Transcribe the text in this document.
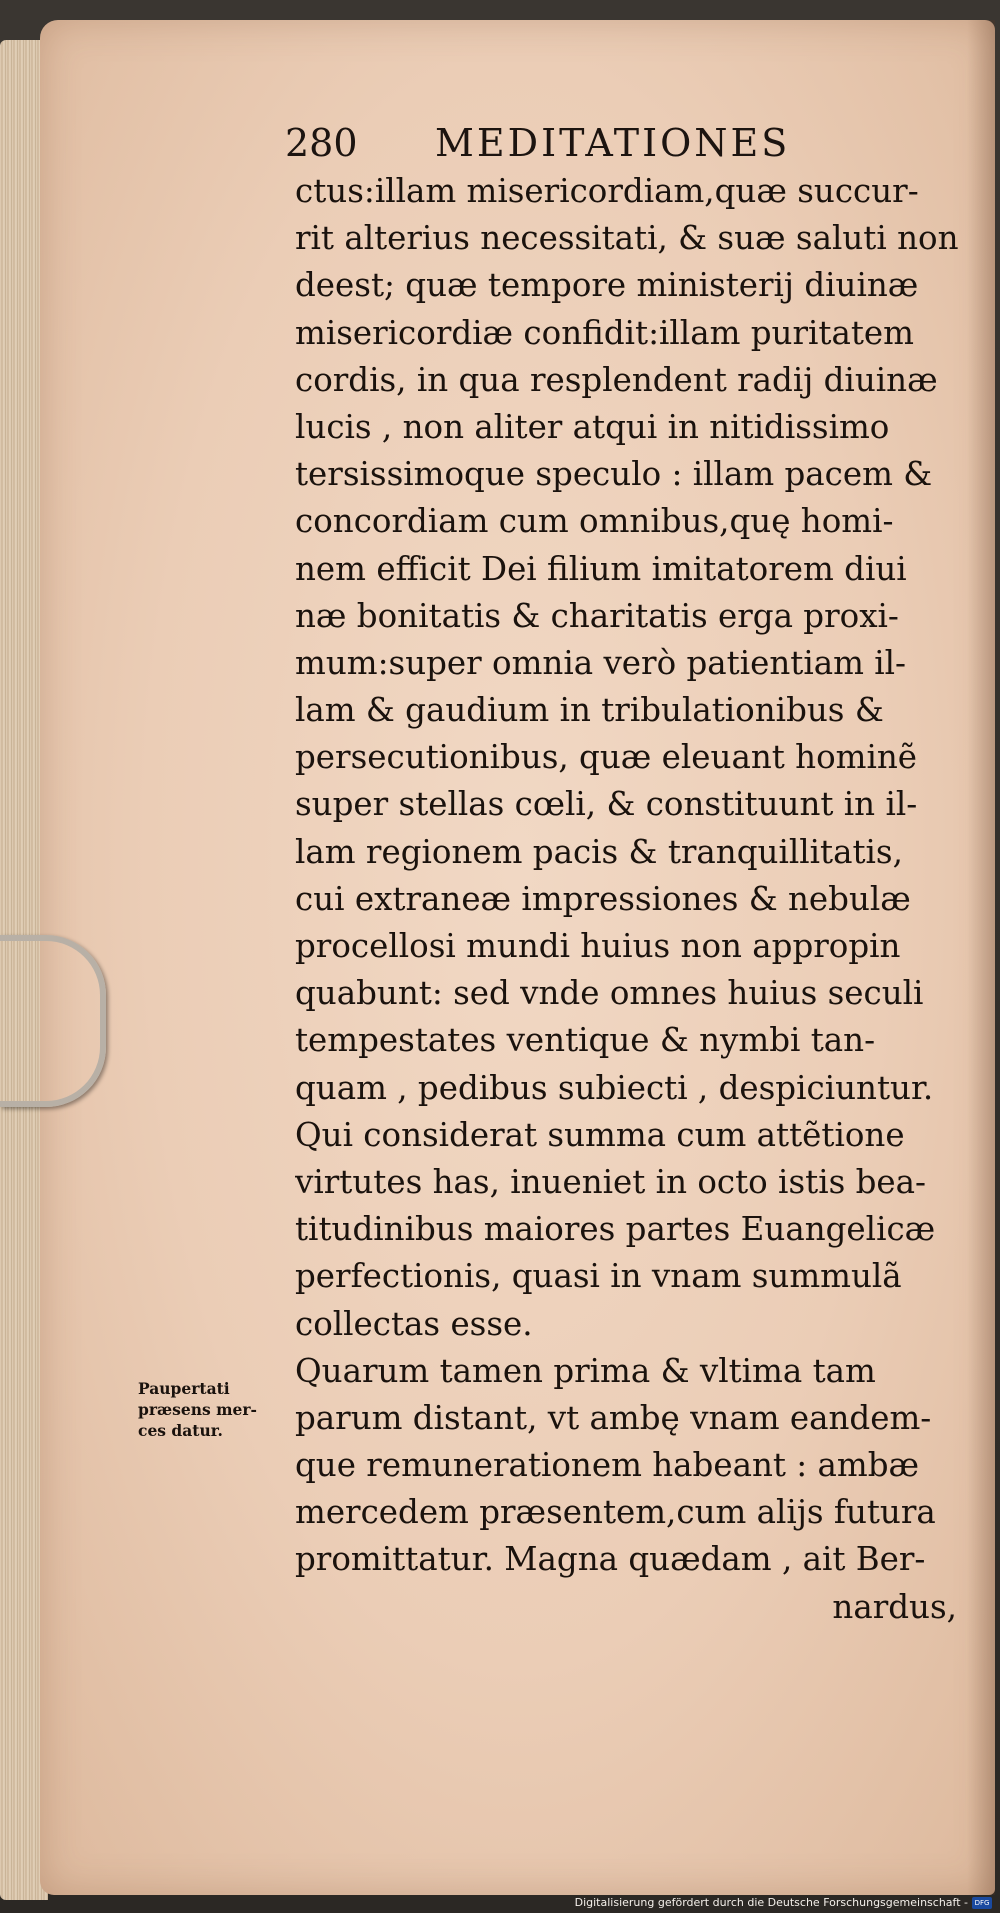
280 MEDITATIONES
ctus:illam misericordiam,quæ succur-
rit alterius necessitati, & suæ saluti non
deest; quæ tempore ministerij diuinæ
misericordiæ confidit:illam puritatem
cordis, in qua resplendent radij diuinæ
lucis , non aliter atqui in nitidissimo
tersissimoque speculo : illam pacem &
concordiam cum omnibus,quę homi-
nem efficit Dei filium imitatorem diui
næ bonitatis & charitatis erga proxi-
mum:super omnia verò patientiam il-
lam & gaudium in tribulationibus &
persecutionibus, quæ eleuant hominẽ
super stellas cœli, & constituunt in il-
lam regionem pacis & tranquillitatis,
cui extraneæ impressiones & nebulæ
procellosi mundi huius non appropin
quabunt: sed vnde omnes huius seculi
tempestates ventique & nymbi tan-
quam , pedibus subiecti , despiciuntur.
Qui considerat summa cum attẽtione
virtutes has, inueniet in octo istis bea-
titudinibus maiores partes Euangelicæ
perfectionis, quasi in vnam summulã
collectas esse.
Quarum tamen prima & vltima tam
parum distant, vt ambę vnam eandem-
que remunerationem habeant : ambæ
mercedem præsentem,cum alijs futura
promittatur. Magna quædam , ait Ber-
nardus,
Paupertati
præsens mer-
ces datur.
Digitalisierung gefördert durch die Deutsche Forschungsgemeinschaft - DFG
